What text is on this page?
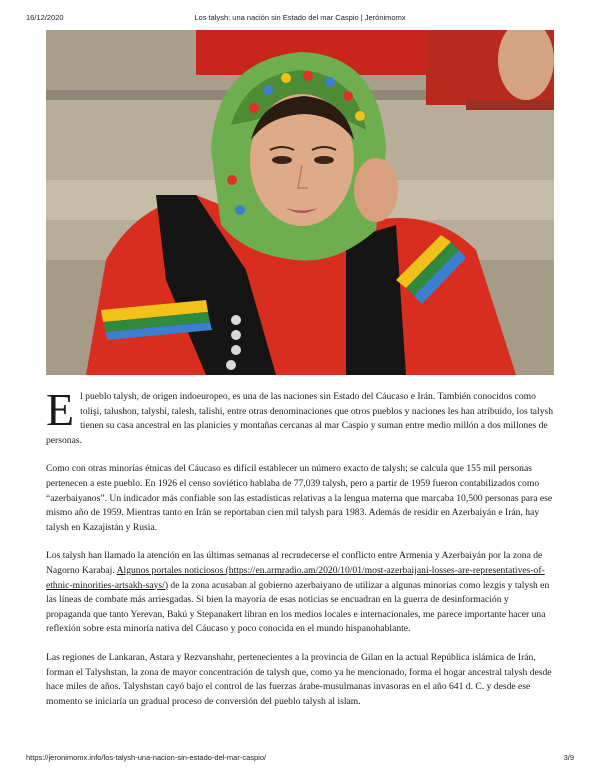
16/12/2020	Los talysh: una nación sin Estado del mar Caspio | Jerónimomx

El pueblo talysh, de origen indoeuropeo, es una de las naciones sin Estado del Cáucaso e Irán. También conocidos como tolişi, talushon, talyshi, talesh, talishi, entre otras denominaciones que otros pueblos y naciones les han atribuido, los talysh tienen su casa ancestral en las planicies y montañas cercanas al mar Caspio y suman entre medio millón a dos millones de personas.

Como con otras minorías étnicas del Cáucaso es difícil establecer un número exacto de talysh; se calcula que 155 mil personas pertenecen a este pueblo. En 1926 el censo soviético hablaba de 77,039 talysh, pero a partir de 1959 fueron contabilizados como “azerbaiyanos”. Un indicador más confiable son las estadísticas relativas a la lengua materna que marcaba 10,500 personas para ese mismo año de 1959. Mientras tanto en Irán se reportaban cien mil talysh para 1983. Además de residir en Azerbaiyán e Irán, hay talysh en Kazajistán y Rusia.

Los talysh han llamado la atención en las últimas semanas al recrudecerse el conflicto entre Armenia y Azerbaiyán por la zona de Nagorno Karabaj. Algunos portales noticiosos (https://en.armradio.am/2020/10/01/most-azerbaijani-losses-are-representatives-of-ethnic-minorities-artsakh-says/) de la zona acusaban al gobierno azerbaiyano de utilizar a algunas minorías como lezgis y talysh en las líneas de combate más arriesgadas. Si bien la mayoría de esas noticias se encuadran en la guerra de desinformación y propaganda que tanto Yerevan, Bakú y Stepanakert libran en los medios locales e internacionales, me parece importante hacer una reflexión sobre esta minoría nativa del Cáucaso y poco conocida en el mundo hispanohablante.

Las regiones de Lankaran, Astara y Rezvanshahr, pertenecientes a la provincia de Gilan en la actual República islámica de Irán, forman el Talyshstan, la zona de mayor concentración de talysh que, como ya he mencionado, forma el hogar ancestral talysh desde hace miles de años. Talyshstan cayó bajo el control de las fuerzas árabe-musulmanas invasoras en el año 641 d. C. y desde ese momento se iniciaría un gradual proceso de conversión del pueblo talysh al islam.

https://jeronimomx.info/los-talysh-una-nacion-sin-estado-del-mar-caspio/	3/9
